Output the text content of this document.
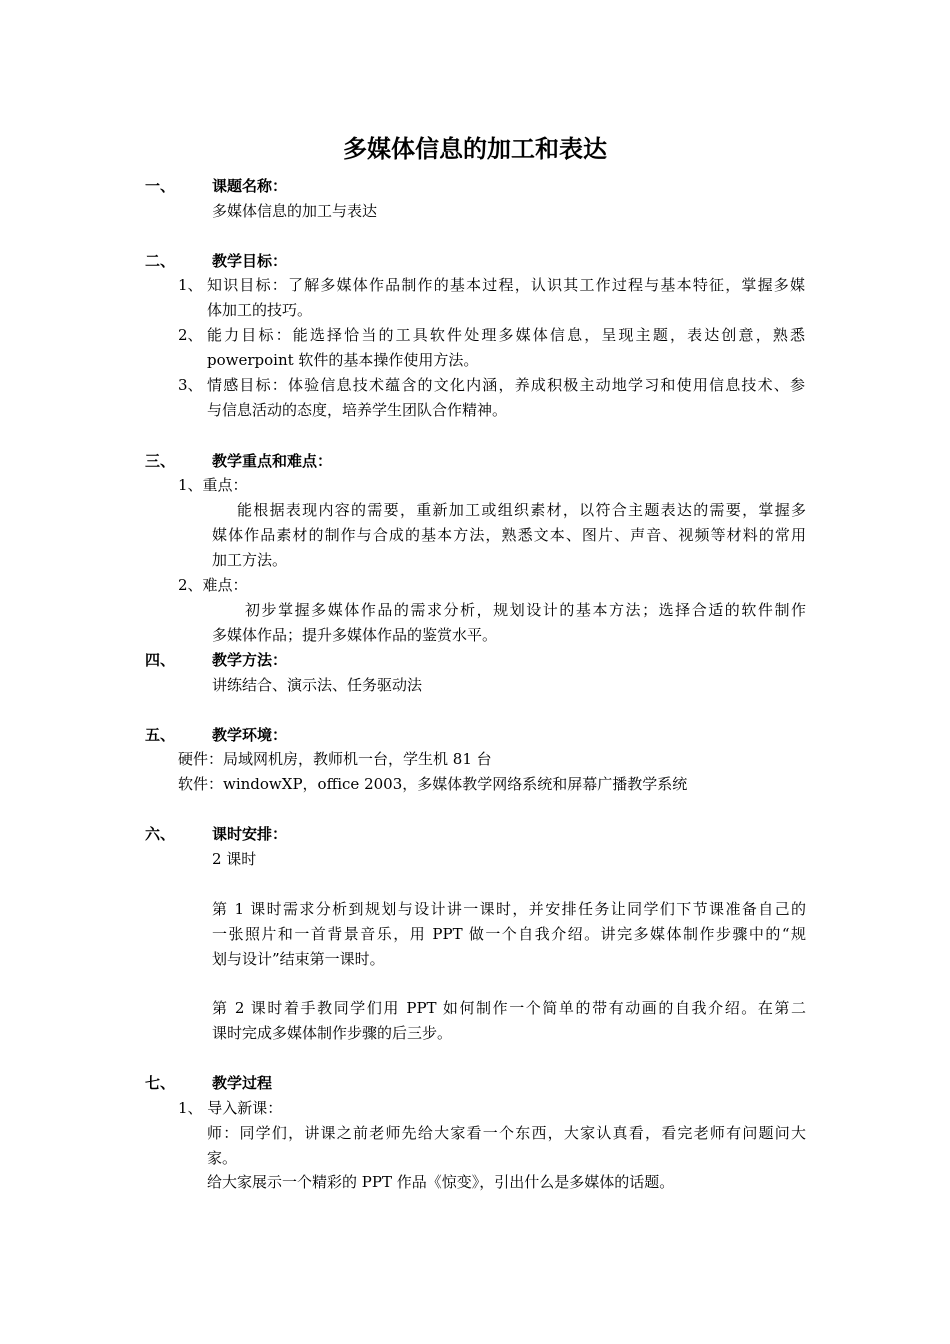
多媒体信息的加工和表达
一、 课题名称：
多媒体信息的加工与表达
二、 教学目标：
1、 知识目标：了解多媒体作品制作的基本过程，认识其工作过程与基本特征，掌握多媒
体加工的技巧。
2、 能力目标：能选择恰当的工具软件处理多媒体信息，呈现主题，表达创意，熟悉
powerpoint 软件的基本操作使用方法。
3、 情感目标：体验信息技术蕴含的文化内涵，养成积极主动地学习和使用信息技术、参
与信息活动的态度，培养学生团队合作精神。
三、 教学重点和难点：
1、重点：
能根据表现内容的需要，重新加工或组织素材，以符合主题表达的需要，掌握多
媒体作品素材的制作与合成的基本方法，熟悉文本、图片、声音、视频等材料的常用
加工方法。
2、难点：
初步掌握多媒体作品的需求分析，规划设计的基本方法；选择合适的软件制作
多媒体作品；提升多媒体作品的鉴赏水平。
四、 教学方法：
讲练结合、演示法、任务驱动法
五、 教学环境：
硬件：局域网机房，教师机一台，学生机 81 台
软件：windowXP，office 2003，多媒体教学网络系统和屏幕广播教学系统
六、 课时安排：
2 课时
第 1 课时需求分析到规划与设计讲一课时，并安排任务让同学们下节课准备自己的
一张照片和一首背景音乐，用 PPT 做一个自我介绍。讲完多媒体制作步骤中的“规
划与设计”结束第一课时。
第 2 课时着手教同学们用 PPT 如何制作一个简单的带有动画的自我介绍。在第二
课时完成多媒体制作步骤的后三步。
七、 教学过程
1、 导入新课：
师：同学们，讲课之前老师先给大家看一个东西，大家认真看，看完老师有问题问大
家。
给大家展示一个精彩的 PPT 作品《惊变》，引出什么是多媒体的话题。
